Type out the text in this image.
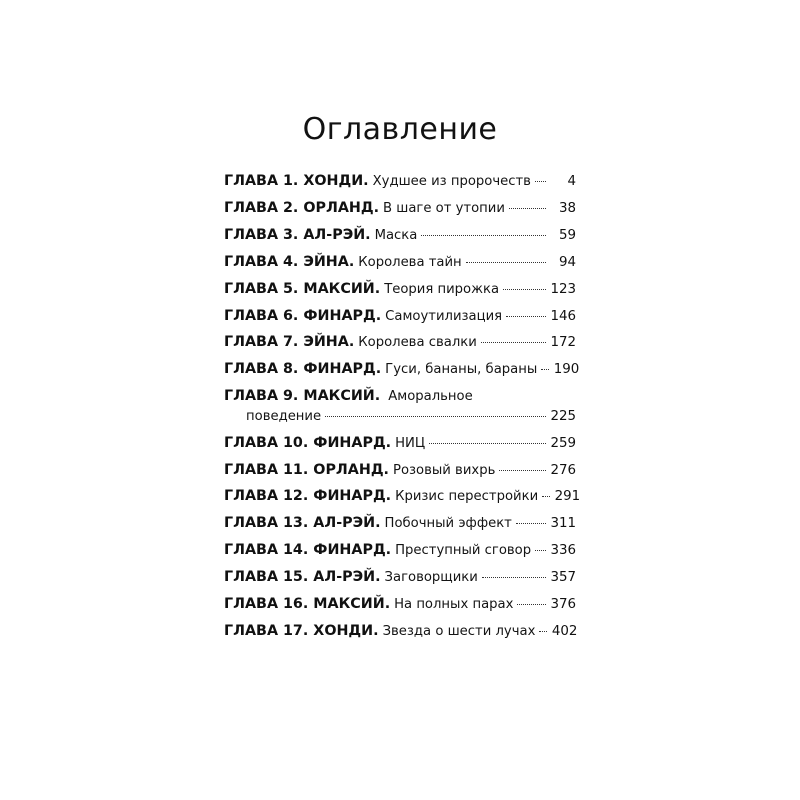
Оглавление
ГЛАВА 1. ХОНДИ. Худшее из пророчеств	4
ГЛАВА 2. ОРЛАНД. В шаге от утопии	38
ГЛАВА 3. АЛ-РЭЙ. Маска	59
ГЛАВА 4. ЭЙНА. Королева тайн	94
ГЛАВА 5. МАКСИЙ. Теория пирожка	123
ГЛАВА 6. ФИНАРД. Самоутилизация	146
ГЛАВА 7. ЭЙНА. Королева свалки	172
ГЛАВА 8. ФИНАРД. Гуси, бананы, бараны 190
ГЛАВА 9. МАКСИЙ. Аморальное
поведение	225
ГЛАВА 10. ФИНАРД. НИЦ	259
ГЛАВА 11. ОРЛАНД. Розовый вихрь	276
ГЛАВА 12. ФИНАРД. Кризис перестройки 291
ГЛАВА 13. АЛ-РЭЙ. Побочный эффект	311
ГЛАВА 14. ФИНАРД. Преступный сговор 336
ГЛАВА 15. АЛ-РЭЙ. Заговорщики	357
ГЛАВА 16. МАКСИЙ. На полных парах	376
ГЛАВА 17. ХОНДИ. Звезда о шести лучах 402
